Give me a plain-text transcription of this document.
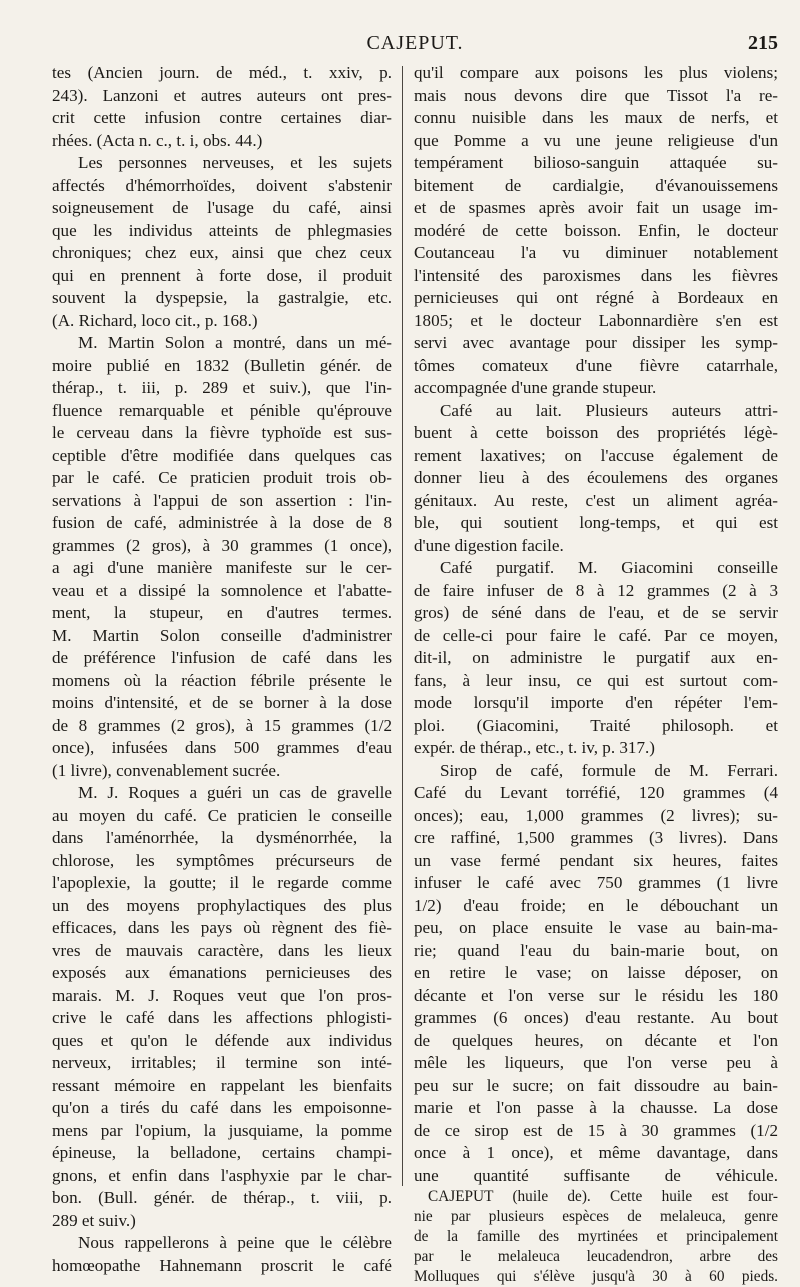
CAJEPUT.	215
tes (Ancien journ. de méd., t. xxiv, p.
243). Lanzoni et autres auteurs ont pres-
crit cette infusion contre certaines diar-
rhées. (Acta n. c., t. i, obs. 44.)
Les personnes nerveuses, et les sujets
affectés d'hémorrhoïdes, doivent s'abstenir
soigneusement de l'usage du café, ainsi
que les individus atteints de phlegmasies
chroniques; chez eux, ainsi que chez ceux
qui en prennent à forte dose, il produit
souvent la dyspepsie, la gastralgie, etc.
(A. Richard, loco cit., p. 168.)
M. Martin Solon a montré, dans un mé-
moire publié en 1832 (Bulletin génér. de
thérap., t. iii, p. 289 et suiv.), que l'in-
fluence remarquable et pénible qu'éprouve
le cerveau dans la fièvre typhoïde est sus-
ceptible d'être modifiée dans quelques cas
par le café. Ce praticien produit trois ob-
servations à l'appui de son assertion : l'in-
fusion de café, administrée à la dose de 8
grammes (2 gros), à 30 grammes (1 once),
a agi d'une manière manifeste sur le cer-
veau et a dissipé la somnolence et l'abatte-
ment, la stupeur, en d'autres termes.
M. Martin Solon conseille d'administrer
de préférence l'infusion de café dans les
momens où la réaction fébrile présente le
moins d'intensité, et de se borner à la dose
de 8 grammes (2 gros), à 15 grammes (1/2
once), infusées dans 500 grammes d'eau
(1 livre), convenablement sucrée.
M. J. Roques a guéri un cas de gravelle
au moyen du café. Ce praticien le conseille
dans l'aménorrhée, la dysménorrhée, la
chlorose, les symptômes précurseurs de
l'apoplexie, la goutte; il le regarde comme
un des moyens prophylactiques des plus
efficaces, dans les pays où règnent des fiè-
vres de mauvais caractère, dans les lieux
exposés aux émanations pernicieuses des
marais. M. J. Roques veut que l'on pros-
crive le café dans les affections phlogisti-
ques et qu'on le défende aux individus
nerveux, irritables; il termine son inté-
ressant mémoire en rappelant les bienfaits
qu'on a tirés du café dans les empoisonne-
mens par l'opium, la jusquiame, la pomme
épineuse, la belladone, certains champi-
gnons, et enfin dans l'asphyxie par le char-
bon. (Bull. génér. de thérap., t. viii, p.
289 et suiv.)
Nous rappellerons à peine que le célèbre
homœopathe Hahnemann proscrit le café
qu'il compare aux poisons les plus violens;
mais nous devons dire que Tissot l'a re-
connu nuisible dans les maux de nerfs, et
que Pomme a vu une jeune religieuse d'un
tempérament bilioso-sanguin attaquée su-
bitement de cardialgie, d'évanouissemens
et de spasmes après avoir fait un usage im-
modéré de cette boisson. Enfin, le docteur
Coutanceau l'a vu diminuer notablement
l'intensité des paroxismes dans les fièvres
pernicieuses qui ont régné à Bordeaux en
1805; et le docteur Labonnardière s'en est
servi avec avantage pour dissiper les symp-
tômes comateux d'une fièvre catarrhale,
accompagnée d'une grande stupeur.
Café au lait. Plusieurs auteurs attri-
buent à cette boisson des propriétés légè-
rement laxatives; on l'accuse également de
donner lieu à des écoulemens des organes
génitaux. Au reste, c'est un aliment agréa-
ble, qui soutient long-temps, et qui est
d'une digestion facile.
Café purgatif. M. Giacomini conseille
de faire infuser de 8 à 12 grammes (2 à 3
gros) de séné dans de l'eau, et de se servir
de celle-ci pour faire le café. Par ce moyen,
dit-il, on administre le purgatif aux en-
fans, à leur insu, ce qui est surtout com-
mode lorsqu'il importe d'en répéter l'em-
ploi. (Giacomini, Traité philosoph. et
expér. de thérap., etc., t. iv, p. 317.)
Sirop de café, formule de M. Ferrari.
Café du Levant torréfié, 120 grammes (4
onces); eau, 1,000 grammes (2 livres); su-
cre raffiné, 1,500 grammes (3 livres). Dans
un vase fermé pendant six heures, faites
infuser le café avec 750 grammes (1 livre
1/2) d'eau froide; en le débouchant un
peu, on place ensuite le vase au bain-ma-
rie; quand l'eau du bain-marie bout, on
en retire le vase; on laisse déposer, on
décante et l'on verse sur le résidu les 180
grammes (6 onces) d'eau restante. Au bout
de quelques heures, on décante et l'on
mêle les liqueurs, que l'on verse peu à
peu sur le sucre; on fait dissoudre au bain-
marie et l'on passe à la chausse. La dose
de ce sirop est de 15 à 30 grammes (1/2
once à 1 once), et même davantage, dans
une quantité suffisante de véhicule.
CAJEPUT (huile de). Cette huile est four-
nie par plusieurs espèces de melaleuca, genre
de la famille des myrtinées et principalement
par le melaleuca leucadendron, arbre des
Molluques qui s'élève jusqu'à 30 à 60 pieds.
